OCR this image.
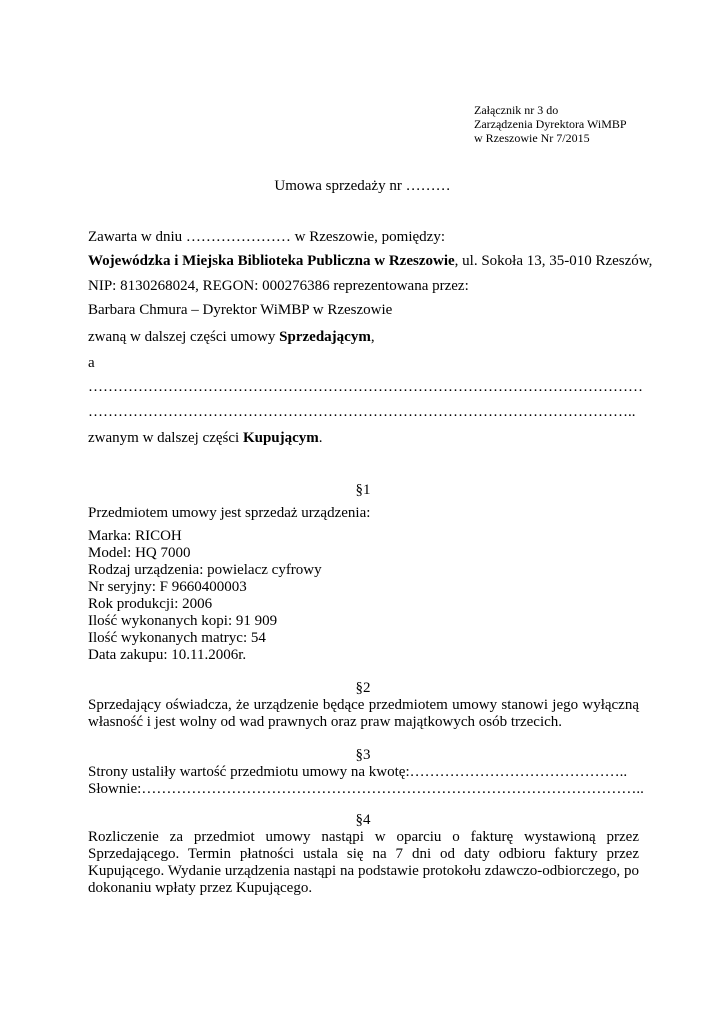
Załącznik nr 3 do
Zarządzenia Dyrektora WiMBP
w Rzeszowie Nr 7/2015
Umowa sprzedaży nr ………
Zawarta w dniu ………………… w Rzeszowie, pomiędzy:
Wojewódzka i Miejska Biblioteka Publiczna w Rzeszowie, ul. Sokoła 13, 35-010 Rzeszów,
NIP: 8130268024, REGON: 000276386 reprezentowana przez:
Barbara Chmura – Dyrektor WiMBP w Rzeszowie
zwaną w dalszej części umowy Sprzedającym,
a
…………………………………………………………………………………………………
………………………………………………………………………………………………..
zwanym w dalszej części Kupującym.
§1
Przedmiotem umowy jest sprzedaż urządzenia:
Marka: RICOH
Model: HQ 7000
Rodzaj urządzenia: powielacz cyfrowy
Nr seryjny: F 9660400003
Rok produkcji: 2006
Ilość wykonanych kopi: 91 909
Ilość wykonanych matryc: 54
Data zakupu: 10.11.2006r.
§2
Sprzedający oświadcza, że urządzenie będące przedmiotem umowy stanowi jego wyłączną własność i jest wolny od wad prawnych oraz praw majątkowych osób trzecich.
§3
Strony ustaliły wartość przedmiotu umowy na kwotę:……………………………………..
Słownie:………………………………………………………………………………………..
§4
Rozliczenie za przedmiot umowy nastąpi w oparciu o fakturę wystawioną przez Sprzedającego. Termin płatności ustala się na 7 dni od daty odbioru faktury przez Kupującego. Wydanie urządzenia nastąpi na podstawie protokołu zdawczo-odbiorczego, po dokonaniu wpłaty przez Kupującego.
